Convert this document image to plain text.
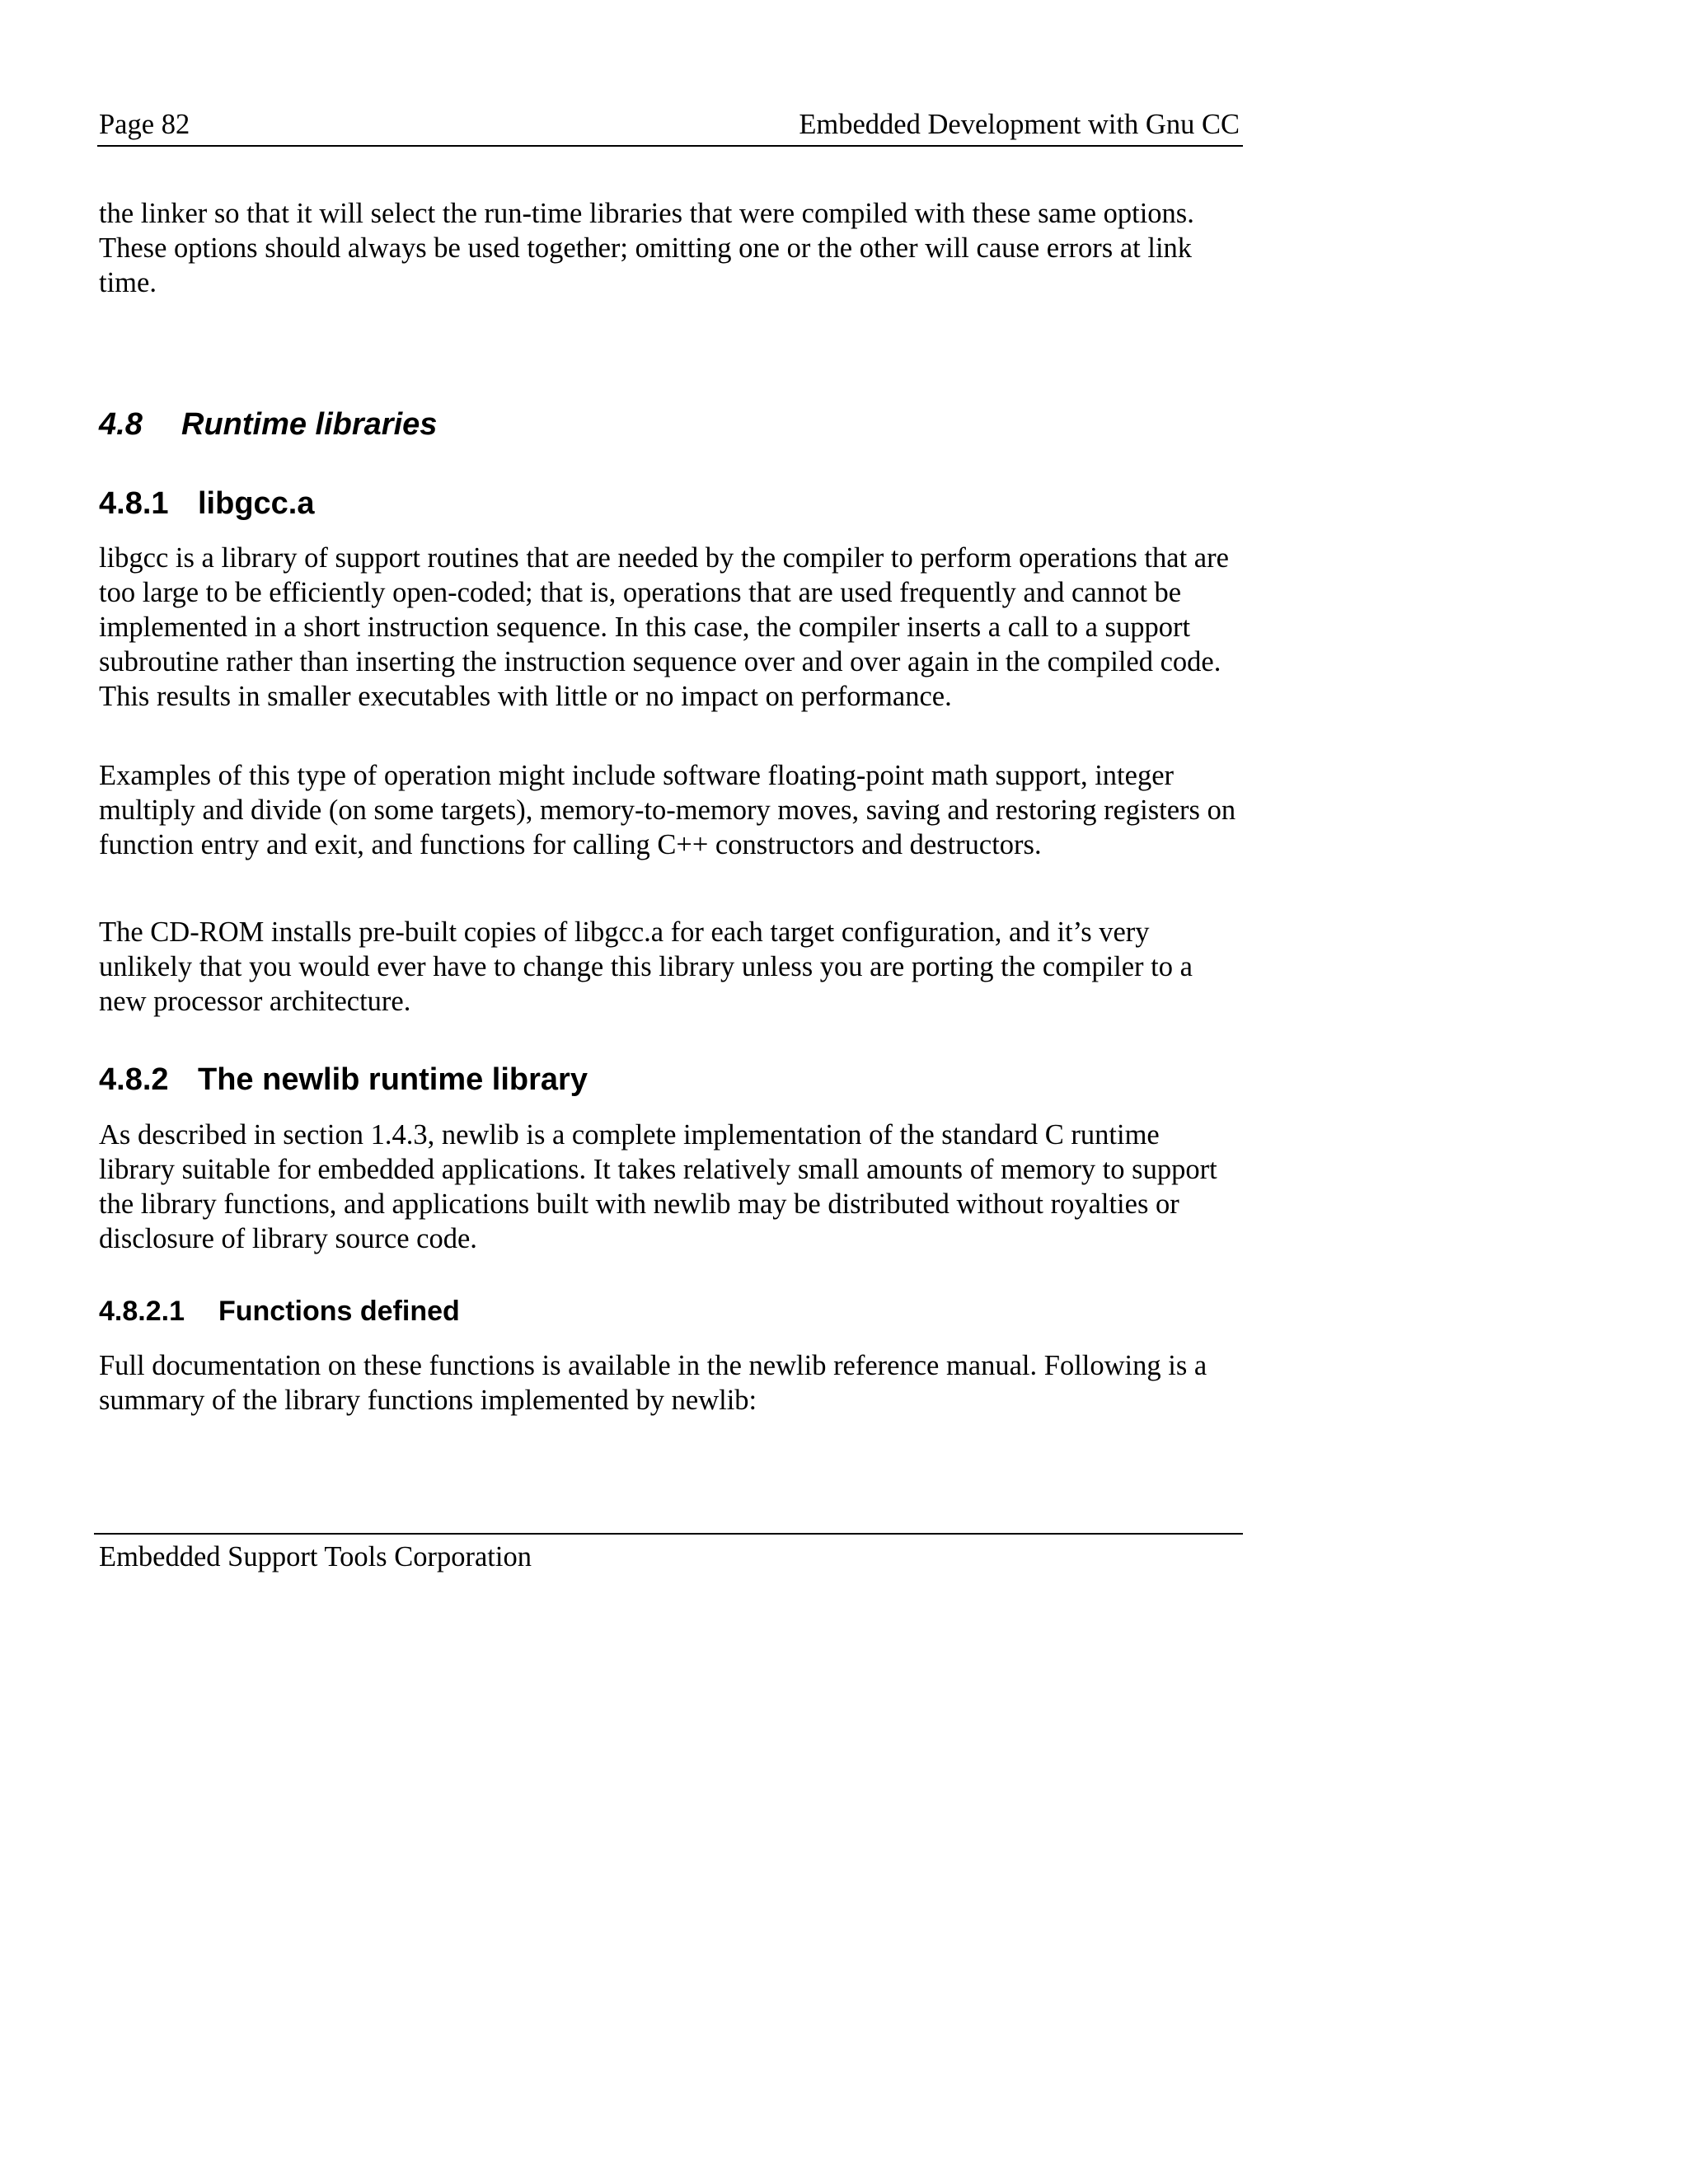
Page 82	Embedded Development with Gnu CC

the linker so that it will select the run-time libraries that were compiled with these same options. These options should always be used together; omitting one or the other will cause errors at link time.

4.8 Runtime libraries
4.8.1 libgcc.a

libgcc is a library of support routines that are needed by the compiler to perform operations that are too large to be efficiently open-coded; that is, operations that are used frequently and cannot be implemented in a short instruction sequence. In this case, the compiler inserts a call to a support subroutine rather than inserting the instruction sequence over and over again in the compiled code. This results in smaller executables with little or no impact on performance.

Examples of this type of operation might include software floating-point math support, integer multiply and divide (on some targets), memory-to-memory moves, saving and restoring registers on function entry and exit, and functions for calling C++ constructors and destructors.

The CD-ROM installs pre-built copies of libgcc.a for each target configuration, and it’s very unlikely that you would ever have to change this library unless you are porting the compiler to a new processor architecture.

4.8.2 The newlib runtime library

As described in section 1.4.3, newlib is a complete implementation of the standard C runtime library suitable for embedded applications. It takes relatively small amounts of memory to support the library functions, and applications built with newlib may be distributed without royalties or disclosure of library source code.

4.8.2.1 Functions defined

Full documentation on these functions is available in the newlib reference manual. Following is a summary of the library functions implemented by newlib:

Embedded Support Tools Corporation
